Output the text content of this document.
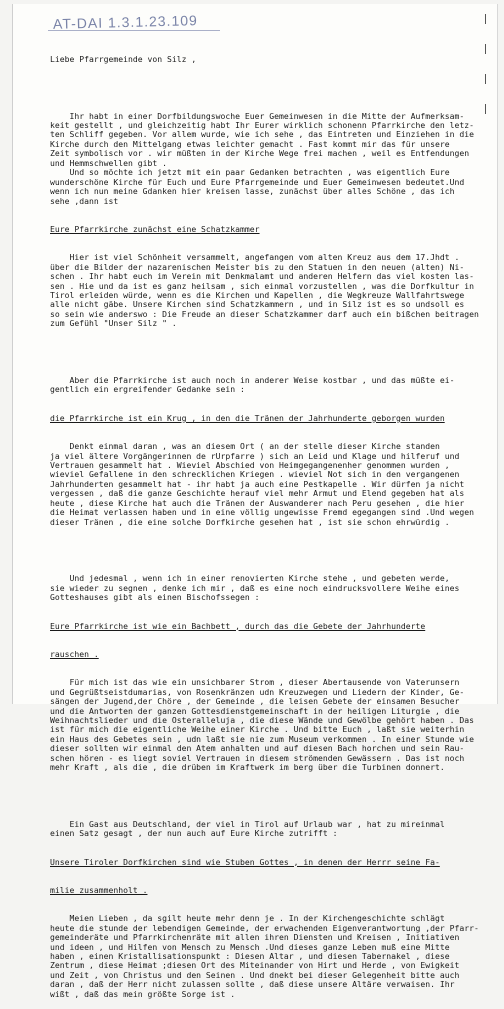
AT-DAI 1.3.1.23.109

Liebe Pfarrgemeinde von Silz ,

Ihr habt in einer Dorfbildungswoche Euer Gemeinwesen in die Mitte der Aufmerksam-
keit gestellt , und gleichzeitig habt Ihr Eurer wirklich schonenn Pfarrkirche den letz-
ten Schliff gegeben. Vor allem wurde, wie ich sehe , das Eintreten und Einziehen in die
Kirche durch den Mittelgang etwas leichter gemacht . Fast kommt mir das für unsere
Zeit symbolisch vor . wir müßten in der Kirche Wege frei machen , weil es Entfendungen
und Hemmschwellen gibt .
Und so möchte ich jetzt mit ein paar Gedanken betrachten , was eigentlich Eure
wunderschöne Kirche für Euch und Eure Pfarrgemeinde und Euer Gemeinwesen bedeutet.Und
wenn ich nun meine Gdanken hier kreisen lasse, zunächst über alles Schöne , das ich
sehe ,dann ist

Eure Pfarrkirche zunächst eine Schatzkammer

Hier ist viel Schönheit versammelt, angefangen vom alten Kreuz aus dem 17.Jhdt .
über die Bilder der nazarenischen Meister bis zu den Statuen in den neuen (alten) Ni-
schen . Ihr habt euch im Verein mit Denkmalamt und anderen Helfern das viel kosten las-
sen . Hie und da ist es ganz heilsam , sich einmal vorzustellen , was die Dorfkultur in
Tirol erleiden würde, wenn es die Kirchen und Kapellen , die Wegkreuze Wallfahrtswege
alle nicht gäbe. Unsere Kirchen sind Schatzkammern , und in Silz ist es so undsoll es
so sein wie anderswo : Die Freude an dieser Schatzkammer darf auch ein bißchen beitragen
zum Gefühl "Unser Silz " .

Aber die Pfarrkirche ist auch noch in anderer Weise kostbar , und das müßte ei-
gentlich ein ergreifender Gedanke sein :

die Pfarrkirche ist ein Krug , in den die Tränen der Jahrhunderte geborgen wurden

Denkt einmal daran , was an diesem Ort ( an der stelle dieser Kirche standen
ja viel ältere Vorgängerinnen de rUrpfarre ) sich an Leid und Klage und hilferuf und
Vertrauen gesammelt hat . Wieviel Abschied von Heimgegangenenher genommen wurden ,
wieviel Gefallene in den schrecklichen Kriegen . wieviel Not sich in den vergangenen
Jahrhunderten gesammelt hat - ihr habt ja auch eine Pestkapelle . Wir dürfen ja nicht
vergessen , daß die ganze Geschichte herauf viel mehr Armut und Elend gegeben hat als
heute , diese Kirche hat auch die Tränen der Auswanderer nach Peru gesehen , die hier
die Heimat verlassen haben und in eine völlig ungewisse Fremd egegangen sind .Und wegen
dieser Tränen , die eine solche Dorfkirche gesehen hat , ist sie schon ehrwürdig .

Und jedesmal , wenn ich in einer renovierten Kirche stehe , und gebeten werde,
sie wieder zu segnen , denke ich mir , daß es eine noch eindrucksvollere Weihe eines
Gotteshauses gibt als einen Bischofssegen :

Eure Pfarrkirche ist wie ein Bachbett , durch das die Gebete der Jahrhunderte

rauschen .

Für mich ist das wie ein unsichbarer Strom , dieser Abertausende von Vaterunsern
und Gegrüßtseistdumarias, von Rosenkränzen udn Kreuzwegen und Liedern der Kinder, Ge-
sängen der Jugend,der Chöre , der Gemeinde , die leisen Gebete der einsamen Besucher
und die Antworten der ganzen Gottesdienstgemeinschaft in der heiligen Liturgie , die
Weihnachtslieder und die Osteralleluja , die diese Wände und Gewölbe gehört haben . Das
ist für mich die eigentliche Weihe einer Kirche . Und bitte Euch , laßt sie weiterhin
ein Haus des Gebetes sein , udn laßt sie nie zum Museum verkommen . In einer Stunde wie
dieser sollten wir einmal den Atem anhalten und auf diesen Bach horchen und sein Rau-
schen hören - es liegt soviel Vertrauen in diesem strömenden Gewässern . Das ist noch
mehr Kraft , als die , die drüben im Kraftwerk im berg über die Turbinen donnert.

Ein Gast aus Deutschland, der viel in Tirol auf Urlaub war , hat zu mireinmal
einen Satz gesagt , der nun auch auf Eure Kirche zutrifft :

Unsere Tiroler Dorfkirchen sind wie Stuben Gottes , in denen der Herrr seine Fa-

milie zusammenholt .

Meien Lieben , da sgilt heute mehr denn je . In der Kirchengeschichte schlägt
heute die stunde der lebendigen Gemeinde, der erwachenden Eigenverantwortung ,der Pfarr-
gemeinderäte und Pfarrkirchenräte mit allen ihren Diensten und Kreisen , Initiativen
und ideen , und Hilfen von Mensch zu Mensch .Und dieses ganze Leben muß eine Mitte
haben , einen Kristallisationspunkt : Diesen Altar , und diesen Tabernakel , diese
Zentrum , diese Heimat ;diesen Ort des Miteinander von Hirt und Herde , von Ewigkeit
und Zeit , von Christus und den Seinen . Und dnekt bei dieser Gelegenheit bitte auch
daran , daß der Herr nicht zulassen sollte , daß diese unsere Altäre verwaisen. Ihr
wißt , daß das mein größte Sorge ist .
